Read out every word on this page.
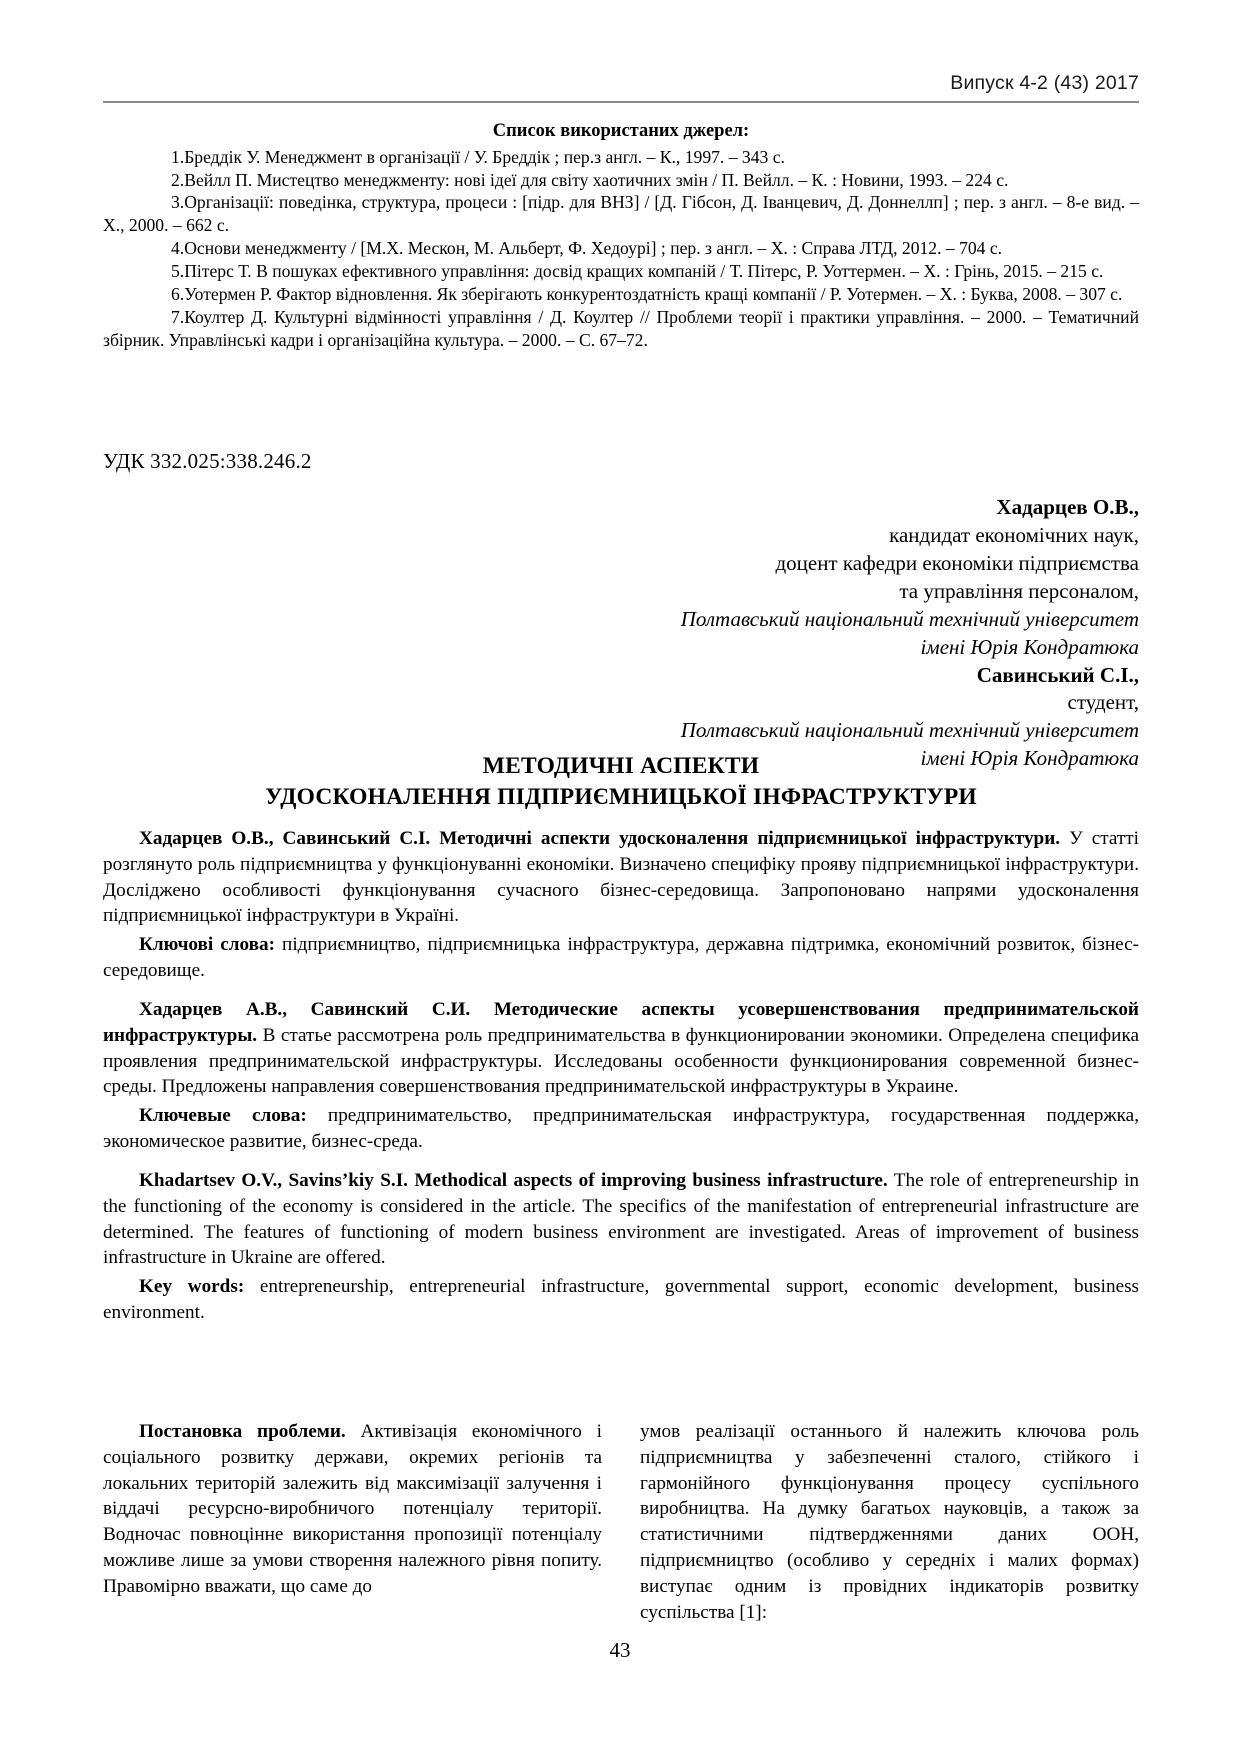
Випуск 4-2 (43) 2017
Список використаних джерел:

1.Бреддік У. Менеджмент в організації / У. Бреддік ; пер.з англ. – К., 1997. – 343 с.

2.Вейлл П. Мистецтво менеджменту: нові ідеї для світу хаотичних змін / П. Вейлл. – К. : Новини, 1993. – 224 с.

3.Організації: поведінка, структура, процеси : [підр. для ВНЗ] / [Д. Гібсон, Д. Іванцевич, Д. Доннеллп] ; пер. з англ. – 8-е вид. – Х., 2000. – 662 с.

4.Основи менеджменту / [М.Х. Мескон, М. Альберт, Ф. Хедоурі] ; пер. з англ. – Х. : Справа ЛТД, 2012. – 704 с.

5.Пітерс Т. В пошуках ефективного управління: досвід кращих компаній / Т. Пітерс, Р. Уоттермен. – Х. : Грінь, 2015. – 215 с.

6.Уотермен Р. Фактор відновлення. Як зберігають конкурентоздатність кращі компанії / Р. Уотермен. – Х. : Буква, 2008. – 307 с.

7.Коултер Д. Культурні відмінності управління / Д. Коултер // Проблеми теорії і практики управління. – 2000. – Тематичний збірник. Управлінські кадри і організаційна культура. – 2000. – С. 67–72.

УДК 332.025:338.246.2
Хадарцев О.В.,
кандидат економічних наук,
доцент кафедри економіки підприємства
та управління персоналом,
Полтавський національний технічний університет
імені Юрія Кондратюка
Савинський С.І.,
студент,
Полтавський національний технічний університет
імені Юрія Кондратюка
МЕТОДИЧНІ АСПЕКТИ
УДОСКОНАЛЕННЯ ПІДПРИЄМНИЦЬКОЇ ІНФРАСТРУКТУРИ

Хадарцев О.В., Савинський С.І. Методичні аспекти удосконалення підприємницької інфраструктури. У статті розглянуто роль підприємництва у функціонуванні економіки. Визначено специфіку прояву підприємницької інфраструктури. Досліджено особливості функціонування сучасного бізнес-середовища. Запропоновано напрями удосконалення підприємницької інфраструктури в Україні.

Ключові слова: підприємництво, підприємницька інфраструктура, державна підтримка, економічний розвиток, бізнес-середовище.

Хадарцев А.В., Савинский С.И. Методические аспекты усовершенствования предпринимательской инфраструктуры. В статье рассмотрена роль предпринимательства в функционировании экономики. Определена специфика проявления предпринимательской инфраструктуры. Исследованы особенности функционирования современной бизнес-среды. Предложены направления совершенствования предпринимательской инфраструктуры в Украине.

Ключевые слова: предпринимательство, предпринимательская инфраструктура, государственная поддержка, экономическое развитие, бизнес-среда.

Khadartsev O.V., Savins’kiy S.I. Methodical aspects of improving business infrastructure. The role of entrepreneurship in the functioning of the economy is considered in the article. The specifics of the manifestation of entrepreneurial infrastructure are determined. The features of functioning of modern business environment are investigated. Areas of improvement of business infrastructure in Ukraine are offered.

Key words: entrepreneurship, entrepreneurial infrastructure, governmental support, economic development, business environment.

Постановка проблеми. Активізація економічного і соціального розвитку держави, окремих регіонів та локальних територій залежить від максимізації залучення і віддачі ресурсно-виробничого потенціалу території. Водночас повноцінне використання пропозиції потенціалу можливе лише за умови створення належного рівня попиту. Правомірно вважати, що саме до

умов реалізації останнього й належить ключова роль підприємництва у забезпеченні сталого, стійкого і гармонійного функціонування процесу суспільного виробництва. На думку багатьох науковців, а також за статистичними підтвердженнями даних ООН, підприємництво (особливо у середніх і малих формах) виступає одним із провідних індикаторів розвитку суспільства [1]:

43
